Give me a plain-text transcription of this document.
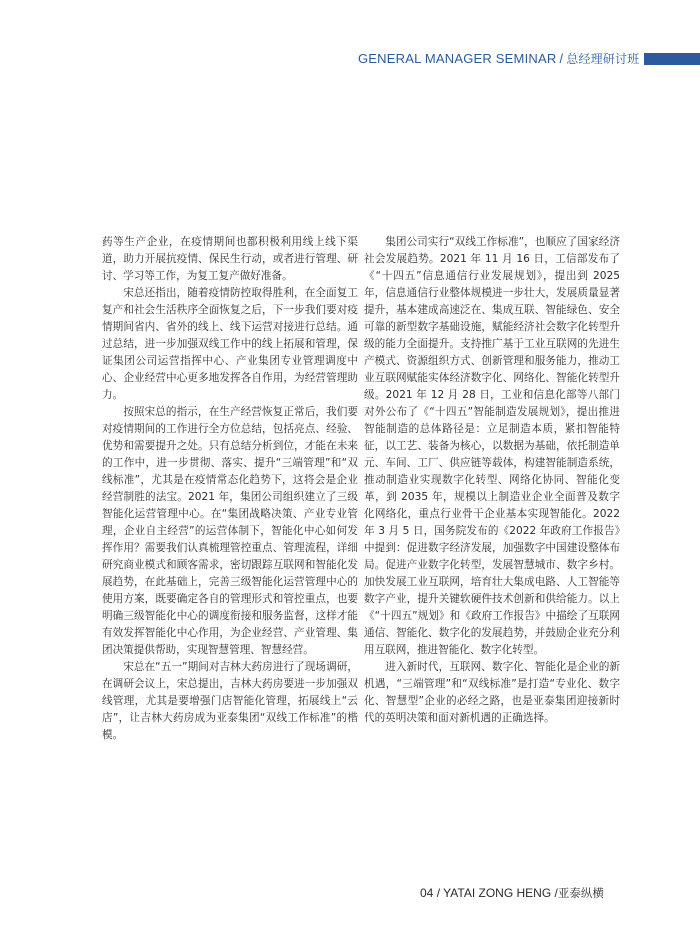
GENERAL MANAGER SEMINAR / 总经理研讨班

药等生产企业，在疫情期间也都积极利用线上线下渠道，助力开展抗疫情、保民生行动，或者进行管理、研讨、学习等工作，为复工复产做好准备。

宋总还指出，随着疫情防控取得胜利，在全面复工复产和社会生活秩序全面恢复之后，下一步我们要对疫情期间省内、省外的线上、线下运营对接进行总结。通过总结，进一步加强双线工作中的线上拓展和管理，保证集团公司运营指挥中心、产业集团专业管理调度中心、企业经营中心更多地发挥各自作用，为经营管理助力。

按照宋总的指示，在生产经营恢复正常后，我们要对疫情期间的工作进行全方位总结，包括亮点、经验、优势和需要提升之处。只有总结分析到位，才能在未来的工作中，进一步贯彻、落实、提升“三端管理”和“双线标准”，尤其是在疫情常态化趋势下，这将会是企业经营制胜的法宝。2021 年，集团公司组织建立了三级智能化运营管理中心。在“集团战略决策、产业专业管理，企业自主经营”的运营体制下，智能化中心如何发挥作用？需要我们认真梳理管控重点、管理流程，详细研究商业模式和顾客需求，密切跟踪互联网和智能化发展趋势，在此基础上，完善三级智能化运营管理中心的使用方案，既要确定各自的管理形式和管控重点，也要明确三级智能化中心的调度衔接和服务监督，这样才能有效发挥智能化中心作用，为企业经营、产业管理、集团决策提供帮助，实现智慧管理、智慧经营。

宋总在“五一”期间对吉林大药房进行了现场调研，在调研会议上，宋总提出，吉林大药房要进一步加强双线管理，尤其是要增强门店智能化管理，拓展线上“云店”，让吉林大药房成为亚泰集团“双线工作标准”的楷模。

集团公司实行“双线工作标准”，也顺应了国家经济社会发展趋势。2021 年 11 月 16 日，工信部发布了《“十四五”信息通信行业发展规划》，提出到 2025 年，信息通信行业整体规模进一步壮大，发展质量显著提升，基本建成高速泛在、集成互联、智能绿色、安全可靠的新型数字基础设施，赋能经济社会数字化转型升级的能力全面提升。支持推广基于工业互联网的先进生产模式、资源组织方式、创新管理和服务能力，推动工业互联网赋能实体经济数字化、网络化、智能化转型升级。2021 年 12 月 28 日，工业和信息化部等八部门对外公布了《“十四五”智能制造发展规划》，提出推进智能制造的总体路径是：立足制造本质，紧扣智能特征，以工艺、装备为核心，以数据为基础，依托制造单元、车间、工厂、供应链等载体，构建智能制造系统，推动制造业实现数字化转型、网络化协同、智能化变革，到 2035 年，规模以上制造业企业全面普及数字化网络化，重点行业骨干企业基本实现智能化。2022 年 3 月 5 日，国务院发布的《2022 年政府工作报告》中提到：促进数字经济发展，加强数字中国建设整体布局。促进产业数字化转型，发展智慧城市、数字乡村。加快发展工业互联网，培育壮大集成电路、人工智能等数字产业，提升关键软硬件技术创新和供给能力。以上《“十四五”规划》和《政府工作报告》中描绘了互联网通信、智能化、数字化的发展趋势，并鼓励企业充分利用互联网，推进智能化、数字化转型。

进入新时代，互联网、数字化、智能化是企业的新机遇，“三端管理”和“双线标准”是打造“专业化、数字化、智慧型”企业的必经之路，也是亚泰集团迎接新时代的英明决策和面对新机遇的正确选择。

04 / YATAI ZONG HENG /亚泰纵横
